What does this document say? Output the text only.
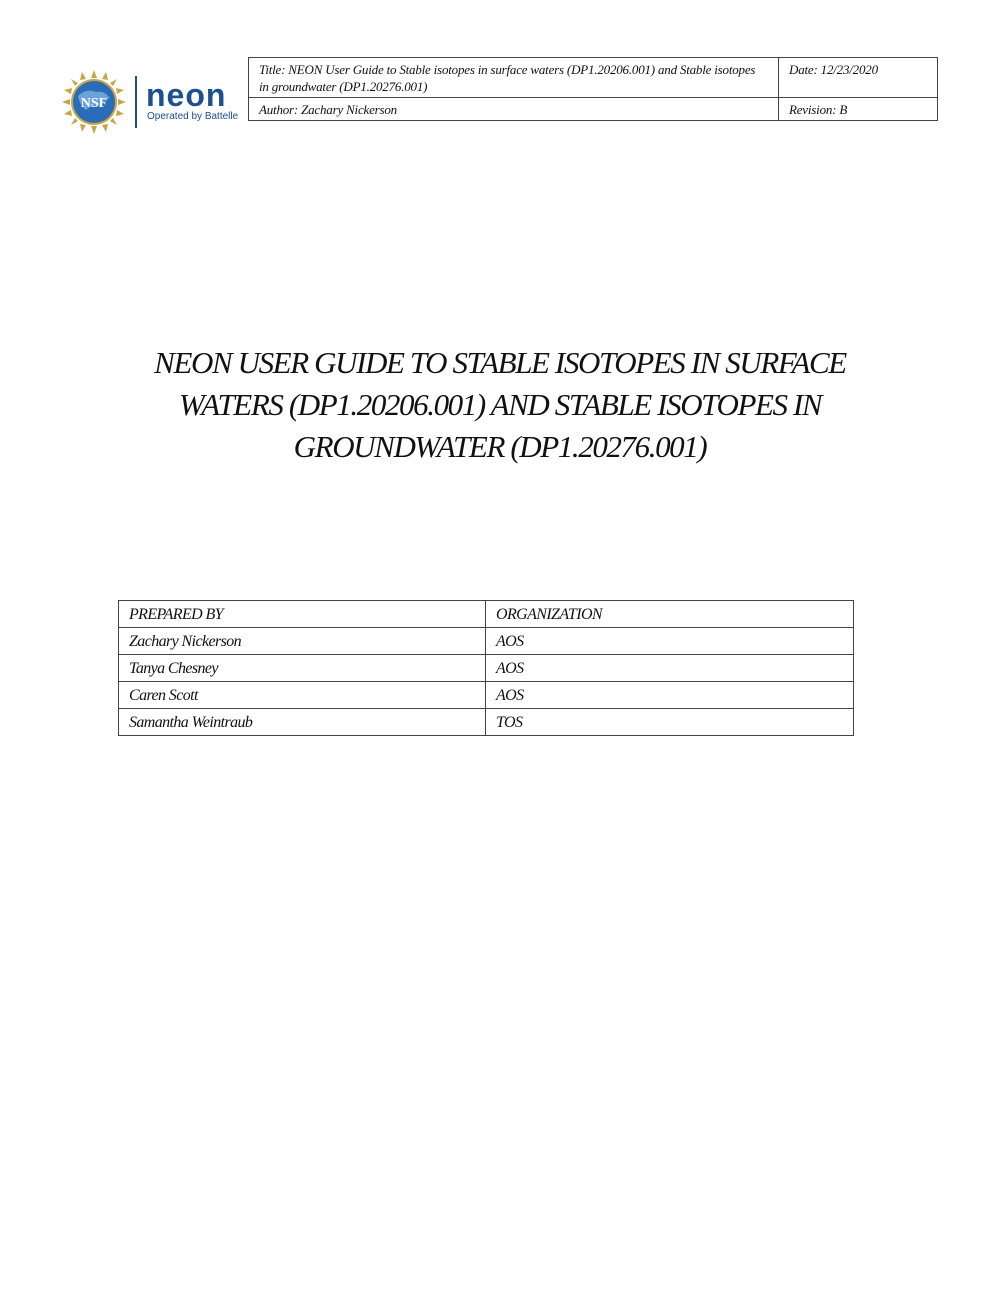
NSF neon
Operated by Battelle
Title: NEON User Guide to Stable isotopes in surface waters (DP1.20206.001) and Stable isotopes in groundwater (DP1.20276.001)	Date: 12/23/2020
Author: Zachary Nickerson	Revision: B
NEON USER GUIDE TO STABLE ISOTOPES IN SURFACE
WATERS (DP1.20206.001) AND STABLE ISOTOPES IN
GROUNDWATER (DP1.20276.001)
PREPARED BY	ORGANIZATION
Zachary Nickerson	AOS
Tanya Chesney	AOS
Caren Scott	AOS
Samantha Weintraub	TOS
